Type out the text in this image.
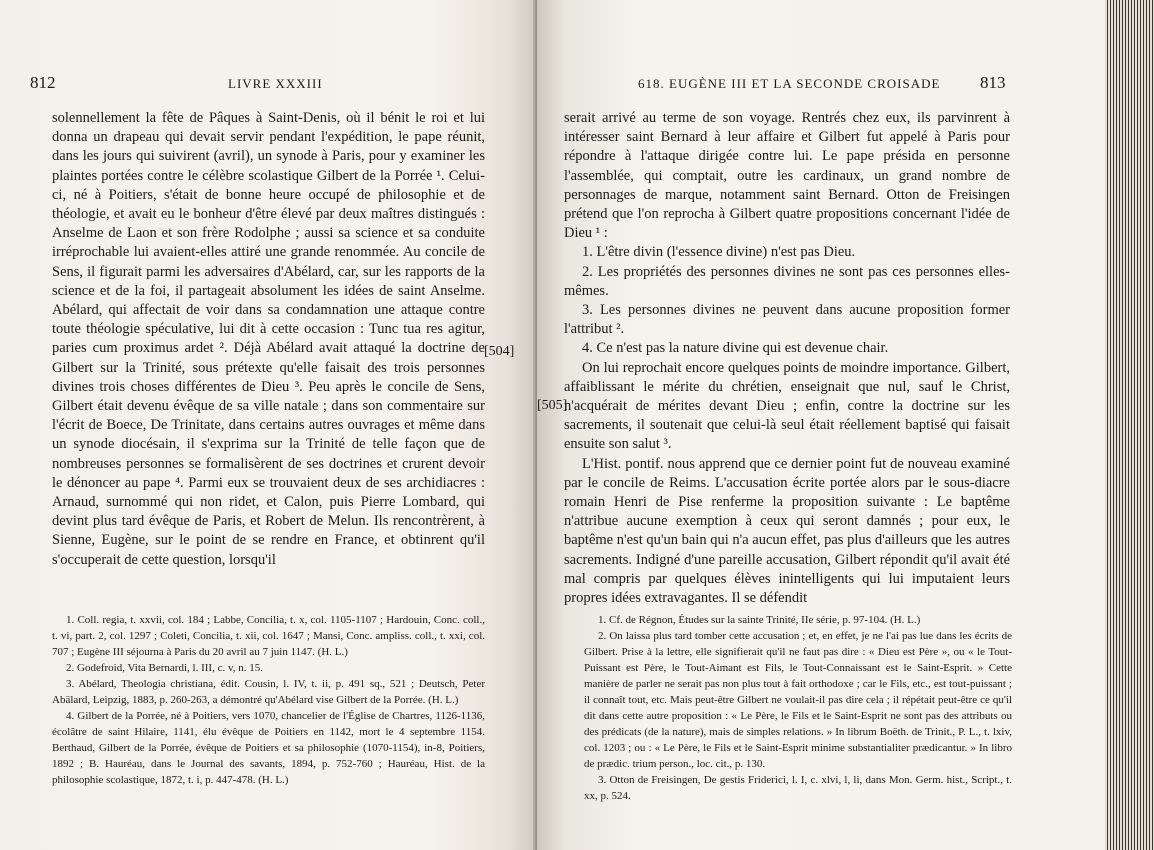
812	LIVRE XXXIII

solennellement la fête de Pâques à Saint-Denis, où il bénit le roi et lui donna un drapeau qui devait servir pendant l'expédition, le pape réunit, dans les jours qui suivirent (avril), un synode à Paris, pour y examiner les plaintes portées contre le célèbre scolastique Gilbert de la Porrée ¹. Celui-ci, né à Poitiers, s'était de bonne heure occupé de philosophie et de théologie, et avait eu le bonheur d'être élevé par deux maîtres distingués : Anselme de Laon et son frère Rodolphe ; aussi sa science et sa conduite irréprochable lui avaient-elles attiré une grande renommée. Au concile de Sens, il figurait parmi les adversaires d'Abélard, car, sur les rapports de la science et de la foi, il partageait absolument les idées de saint Anselme. Abélard, qui affectait de voir dans sa condamnation une attaque contre toute théologie spéculative, lui dit à cette occasion : Tunc tua res agitur, paries cum proximus ardet ². Déjà Abélard avait attaqué la doctrine de Gilbert sur la Trinité, sous prétexte qu'elle faisait des trois personnes divines trois choses différentes de Dieu ³. Peu après le concile de Sens, Gilbert était devenu évêque de sa ville natale ; dans son commentaire sur l'écrit de Boece, De Trinitate, dans certains autres ouvrages et même dans un synode diocésain, il s'exprima sur la Trinité de telle façon que de nombreuses personnes se formalisèrent de ses doctrines et crurent devoir le dénoncer au pape ⁴. Parmi eux se trouvaient deux de ses archidiacres : Arnaud, surnommé qui non ridet, et Calon, puis Pierre Lombard, qui devint plus tard évêque de Paris, et Robert de Melun. Ils rencontrèrent, à Sienne, Eugène, sur le point de se rendre en France, et obtinrent qu'il s'occuperait de cette question, lorsqu'il

[504]

1. Coll. regia, t. xxvii, col. 184 ; Labbe, Concilia, t. x, col. 1105-1107 ; Hardouin, Conc. coll., t. vi, part. 2, col. 1297 ; Coleti, Concilia, t. xii, col. 1647 ; Mansi, Conc. ampliss. coll., t. xxi, col. 707 ; Eugène III séjourna à Paris du 20 avril au 7 juin 1147. (H. L.)

2. Godefroid, Vita Bernardi, l. III, c. v, n. 15.

3. Abélard, Theologia christiana, édit. Cousin, l. IV, t. ii, p. 491 sq., 521 ; Deutsch, Peter Abälard, Leipzig, 1883, p. 260-263, a démontré qu'Abélard vise Gilbert de la Porrée. (H. L.)

4. Gilbert de la Porrée, né à Poitiers, vers 1070, chancelier de l'Église de Chartres, 1126-1136, écolâtre de saint Hilaire, 1141, élu évêque de Poitiers en 1142, mort le 4 septembre 1154. Berthaud, Gilbert de la Porrée, évêque de Poitiers et sa philosophie (1070-1154), in-8, Poitiers, 1892 ; B. Hauréau, dans le Journal des savants, 1894, p. 752-760 ; Hauréau, Hist. de la philosophie scolastique, 1872, t. i, p. 447-478. (H. L.)

618. EUGÈNE III ET LA SECONDE CROISADE 813

serait arrivé au terme de son voyage. Rentrés chez eux, ils parvinrent à intéresser saint Bernard à leur affaire et Gilbert fut appelé à Paris pour répondre à l'attaque dirigée contre lui. Le pape présida en personne l'assemblée, qui comptait, outre les cardinaux, un grand nombre de personnages de marque, notamment saint Bernard. Otton de Freisingen prétend que l'on reprocha à Gilbert quatre propositions concernant l'idée de Dieu ¹ :

1. L'être divin (l'essence divine) n'est pas Dieu.

2. Les propriétés des personnes divines ne sont pas ces personnes elles-mêmes.

3. Les personnes divines ne peuvent dans aucune proposition former l'attribut ².

4. Ce n'est pas la nature divine qui est devenue chair.

On lui reprochait encore quelques points de moindre importance. Gilbert, affaiblissant le mérite du chrétien, enseignait que nul, sauf le Christ, n'acquérait de mérites devant Dieu ; enfin, contre la doctrine sur les sacrements, il soutenait que celui-là seul était réellement baptisé qui faisait ensuite son salut ³.

L'Hist. pontif. nous apprend que ce dernier point fut de nouveau examiné par le concile de Reims. L'accusation écrite portée alors par le sous-diacre romain Henri de Pise renferme la proposition suivante : Le baptême n'attribue aucune exemption à ceux qui seront damnés ; pour eux, le baptême n'est qu'un bain qui n'a aucun effet, pas plus d'ailleurs que les autres sacrements. Indigné d'une pareille accusation, Gilbert répondit qu'il avait été mal compris par quelques élèves inintelligents qui lui imputaient leurs propres idées extravagantes. Il se défendit

[505]

1. Cf. de Régnon, Études sur la sainte Trinité, IIe série, p. 97-104. (H. L.)

2. On laissa plus tard tomber cette accusation ; et, en effet, je ne l'ai pas lue dans les écrits de Gilbert. Prise à la lettre, elle signifierait qu'il ne faut pas dire : « Dieu est Père », ou « le Tout-Puissant est Père, le Tout-Aimant est Fils, le Tout-Connaissant est le Saint-Esprit. » Cette manière de parler ne serait pas non plus tout à fait orthodoxe ; car le Fils, etc., est tout-puissant ; il connaît tout, etc. Mais peut-être Gilbert ne voulait-il pas dire cela ; il répétait peut-être ce qu'il dit dans cette autre proposition : « Le Père, le Fils et le Saint-Esprit ne sont pas des attributs ou des prédicats (de la nature), mais de simples relations. » In librum Boëth. de Trinit., P. L., t. lxiv, col. 1203 ; ou : « Le Père, le Fils et le Saint-Esprit minime substantialiter prædicantur. » In libro de prædic. trium person., loc. cit., p. 130.

3. Otton de Freisingen, De gestis Friderici, l. I, c. xlvi, l, li, dans Mon. Germ. hist., Script., t. xx, p. 524.
